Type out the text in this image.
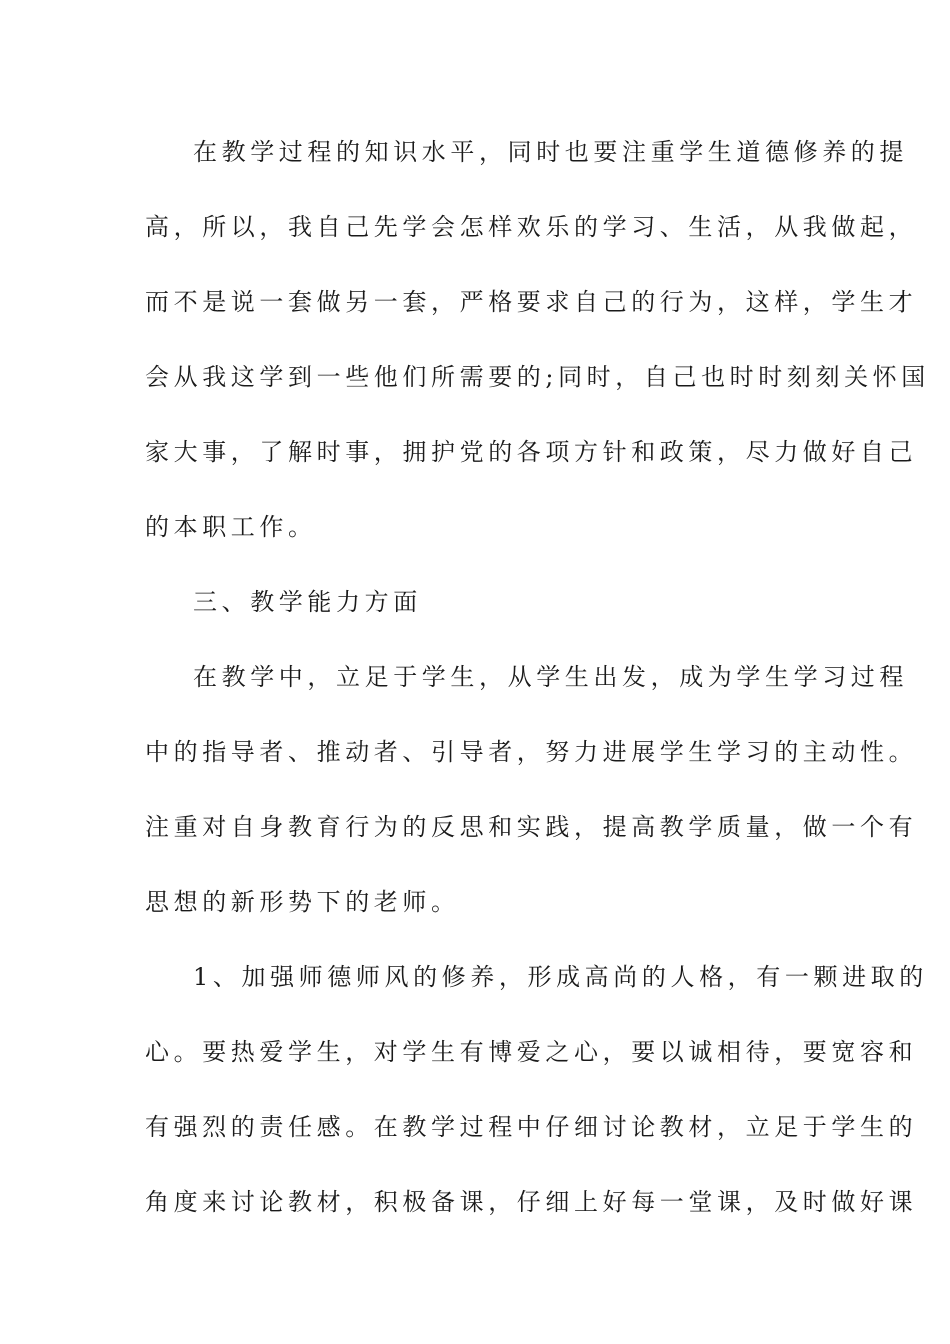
在教学过程的知识水平，同时也要注重学生道德修养的提
高，所以，我自己先学会怎样欢乐的学习、生活，从我做起，
而不是说一套做另一套，严格要求自己的行为，这样，学生才
会从我这学到一些他们所需要的;同时，自己也时时刻刻关怀国
家大事，了解时事，拥护党的各项方针和政策，尽力做好自己
的本职工作。
三、教学能力方面
在教学中，立足于学生，从学生出发，成为学生学习过程
中的指导者、推动者、引导者，努力进展学生学习的主动性。
注重对自身教育行为的反思和实践，提高教学质量，做一个有
思想的新形势下的老师。
1、加强师德师风的修养，形成高尚的人格，有一颗进取的
心。要热爱学生，对学生有博爱之心，要以诚相待，要宽容和
有强烈的责任感。在教学过程中仔细讨论教材，立足于学生的
角度来讨论教材，积极备课，仔细上好每一堂课，及时做好课
